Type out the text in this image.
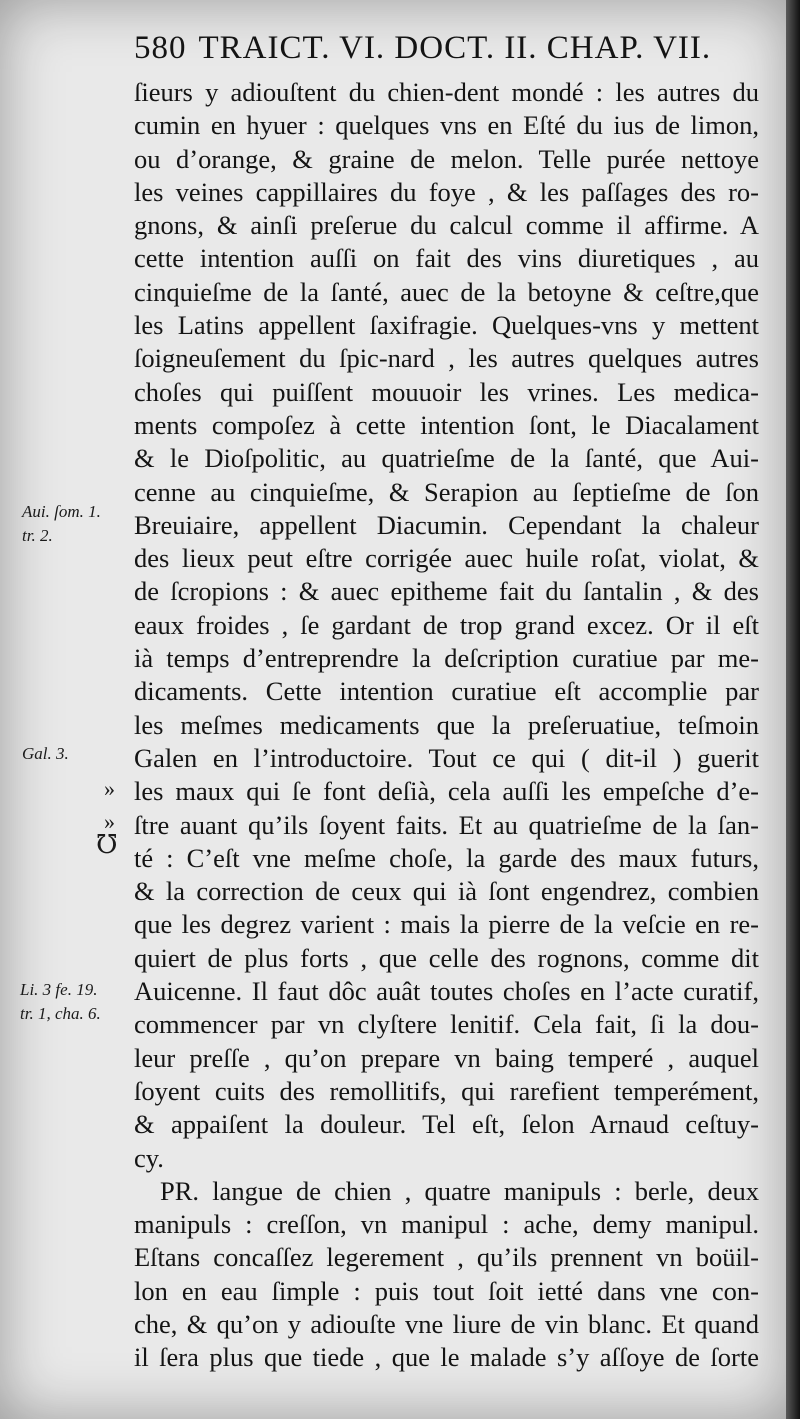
580 TRAICT. VI. DOCT. II. CHAP. VII.
ſieurs y adiouſtent du chien-dent mondé : les autres du
cumin en hyuer : quelques vns en Eſté du ius de limon,
ou d’orange, & graine de melon. Telle purée nettoye
les veines cappillaires du foye , & les paſſages des ro-
gnons, & ainſi preſerue du calcul comme il affirme. A
cette intention auſſi on fait des vins diuretiques , au
cinquieſme de la ſanté, auec de la betoyne & ceſtre,que
les Latins appellent ſaxifragie. Quelques-vns y mettent
ſoigneuſement du ſpic-nard , les autres quelques autres
choſes qui puiſſent mouuoir les vrines. Les medica-
ments compoſez à cette intention ſont, le Diacalament
& le Dioſpolitic, au quatrieſme de la ſanté, que Aui-
cenne au cinquieſme, & Serapion au ſeptieſme de ſon
Breuiaire, appellent Diacumin. Cependant la chaleur
des lieux peut eſtre corrigée auec huile roſat, violat, &
de ſcropions : & auec epitheme fait du ſantalin , & des
eaux froides , ſe gardant de trop grand excez. Or il eſt
ià temps d’entreprendre la deſcription curatiue par me-
dicaments. Cette intention curatiue eſt accomplie par
les meſmes medicaments que la preſeruatiue, teſmoin
Galen en l’introductoire. Tout ce qui ( dit-il ) guerit
les maux qui ſe font deſià, cela auſſi les empeſche d’e-
ſtre auant qu’ils ſoyent faits. Et au quatrieſme de la ſan-
té : C’eſt vne meſme choſe, la garde des maux futurs,
& la correction de ceux qui ià ſont engendrez, combien
que les degrez varient : mais la pierre de la veſcie en re-
quiert de plus forts , que celle des rognons, comme dit
Auicenne. Il faut dôc auât toutes choſes en l’acte curatif,
commencer par vn clyſtere lenitif. Cela fait, ſi la dou-
leur preſſe , qu’on prepare vn baing temperé , auquel
ſoyent cuits des remollitifs, qui rarefient temperément,
& appaiſent la douleur. Tel eſt, ſelon Arnaud ceſtuy-
cy.
PR. langue de chien , quatre manipuls : berle, deux
manipuls : creſſon, vn manipul : ache, demy manipul.
Eſtans concaſſez legerement , qu’ils prennent vn boüil-
lon en eau ſimple : puis tout ſoit ietté dans vne con-
che, & qu’on y adiouſte vne liure de vin blanc. Et quand
il ſera plus que tiede , que le malade s’y aſſoye de ſorte
Aui. ſom. 1.
tr. 2.
Gal. 3.
Li. 3 fe. 19.
tr. 1, cha. 6.
»
»
℧
